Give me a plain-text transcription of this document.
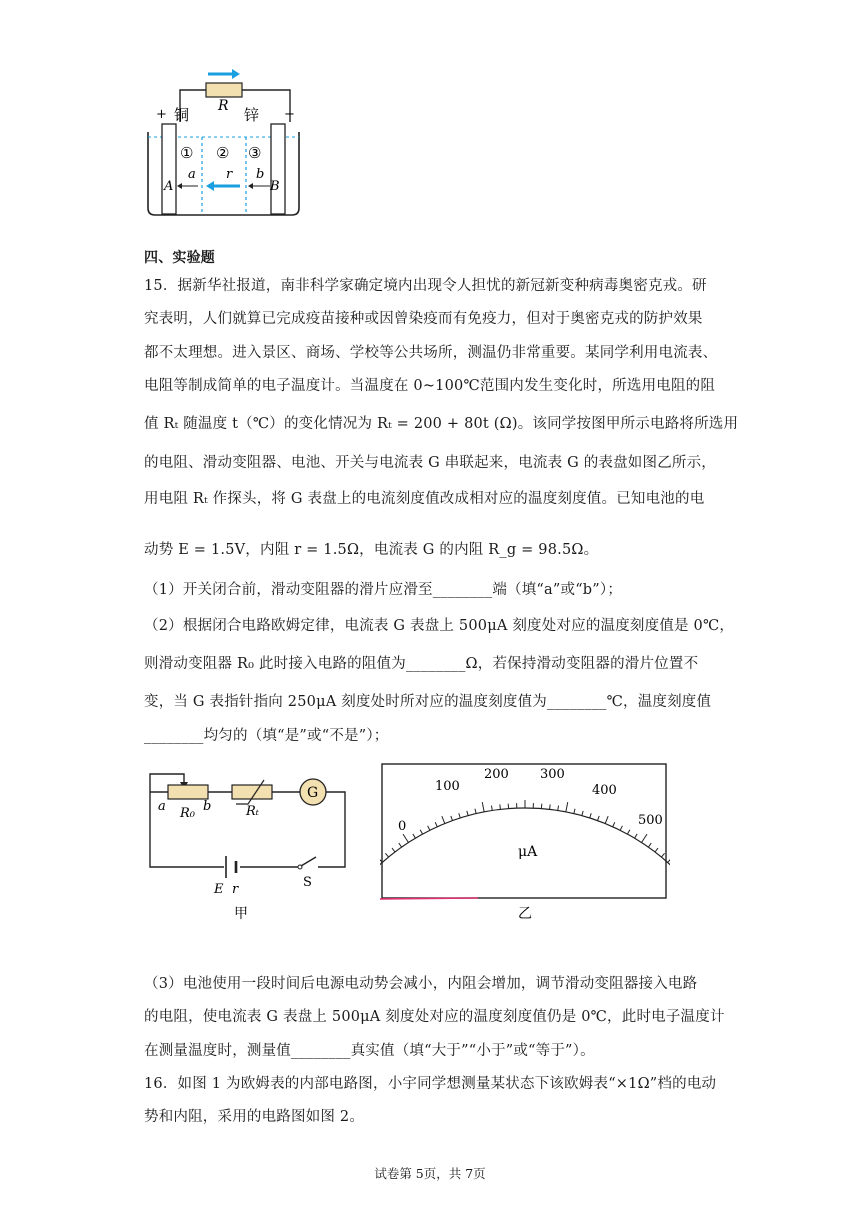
R
+ 铜	锌 −
① ② ③
a r b
A	B
四、实验题
15．据新华社报道，南非科学家确定境内出现令人担忧的新冠新变种病毒奥密克戎。研
究表明，人们就算已完成疫苗接种或因曾染疫而有免疫力，但对于奥密克戎的防护效果
都不太理想。进入景区、商场、学校等公共场所，测温仍非常重要。某同学利用电流表、
电阻等制成简单的电子温度计。当温度在 0~100℃范围内发生变化时，所选用电阻的阻
值 Rₜ 随温度 t（℃）的变化情况为 Rₜ = 200 + 80t (Ω)。该同学按图甲所示电路将所选用
的电阻、滑动变阻器、电池、开关与电流表 G 串联起来，电流表 G 的表盘如图乙所示，
用电阻 Rₜ 作探头，将 G 表盘上的电流刻度值改成相对应的温度刻度值。已知电池的电
动势 E = 1.5V，内阻 r = 1.5Ω，电流表 G 的内阻 R_g = 98.5Ω。
（1）开关闭合前，滑动变阻器的滑片应滑至________端（填“a”或“b”）；
（2）根据闭合电路欧姆定律，电流表 G 表盘上 500μA 刻度处对应的温度刻度值是 0℃，
则滑动变阻器 R₀ 此时接入电路的阻值为________Ω，若保持滑动变阻器的滑片位置不
变，当 G 表指针指向 250μA 刻度处时所对应的温度刻度值为________℃，温度刻度值
________均匀的（填“是”或“不是”）；
G
a	b
R₀	Rₜ
E r	S
甲
0
100
200 300
400
500
μA
乙
（3）电池使用一段时间后电源电动势会减小，内阻会增加，调节滑动变阻器接入电路
的电阻，使电流表 G 表盘上 500μA 刻度处对应的温度刻度值仍是 0℃，此时电子温度计
在测量温度时，测量值________真实值（填“大于”“小于”或“等于”）。
16．如图 1 为欧姆表的内部电路图，小宇同学想测量某状态下该欧姆表“×1Ω”档的电动
势和内阻，采用的电路图如图 2。
试卷第 5页，共 7页
